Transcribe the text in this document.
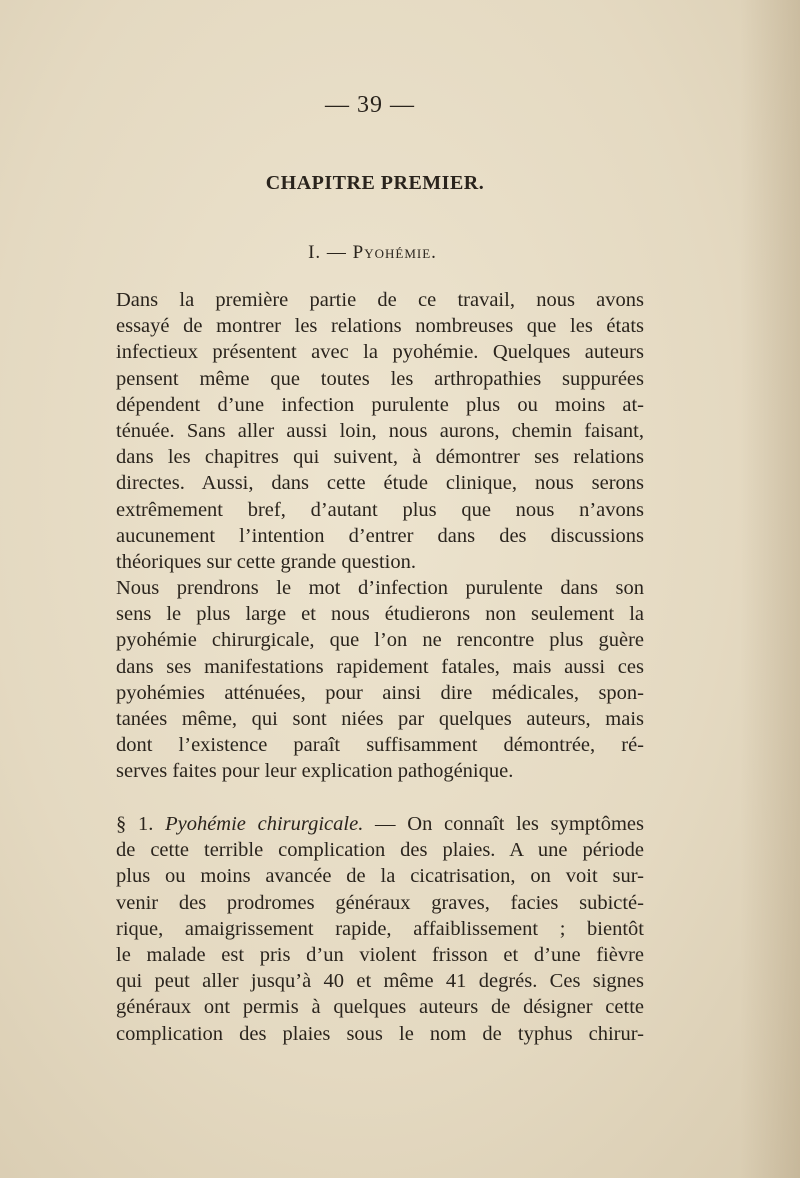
— 39 —
CHAPITRE PREMIER.
I. — Pyohémie.

Dans la première partie de ce travail, nous avons
essayé de montrer les relations nombreuses que les états
infectieux présentent avec la pyohémie. Quelques auteurs
pensent même que toutes les arthropathies suppurées
dépendent d’une infection purulente plus ou moins at-
ténuée. Sans aller aussi loin, nous aurons, chemin faisant,
dans les chapitres qui suivent, à démontrer ses relations
directes. Aussi, dans cette étude clinique, nous serons
extrêmement bref, d’autant plus que nous n’avons
aucunement l’intention d’entrer dans des discussions
théoriques sur cette grande question.

Nous prendrons le mot d’infection purulente dans son
sens le plus large et nous étudierons non seulement la
pyohémie chirurgicale, que l’on ne rencontre plus guère
dans ses manifestations rapidement fatales, mais aussi ces
pyohémies atténuées, pour ainsi dire médicales, spon-
tanées même, qui sont niées par quelques auteurs, mais
dont l’existence paraît suffisamment démontrée, ré-
serves faites pour leur explication pathogénique.

§ 1. Pyohémie chirurgicale. — On connaît les symptômes
de cette terrible complication des plaies. A une période
plus ou moins avancée de la cicatrisation, on voit sur-
venir des prodromes généraux graves, facies subicté-
rique, amaigrissement rapide, affaiblissement ; bientôt
le malade est pris d’un violent frisson et d’une fièvre
qui peut aller jusqu’à 40 et même 41 degrés. Ces signes
généraux ont permis à quelques auteurs de désigner cette
complication des plaies sous le nom de typhus chirur-
